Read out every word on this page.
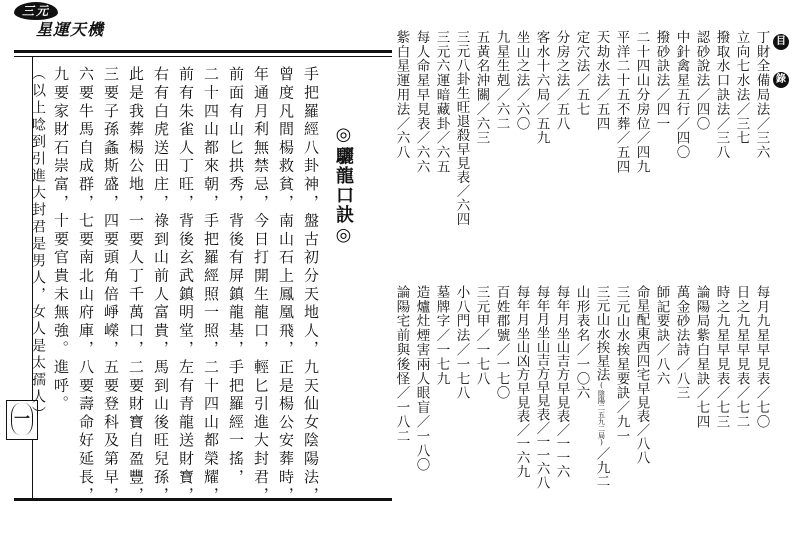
三元
星運天機
一
◎驪龍口訣◎
手把羅經八卦神，盤古初分天地人，九天仙女陰陽法，
曾度凡間楊救貧，南山石上鳳凰飛，正是楊公安葬時，
年通月利無禁忌，今日打開生龍口，輕匕引進大封君，
前面有山匕拱秀，背後有屏鎮龍基，手把羅經一搖，
二十四山都來朝，手把羅經照一照，二十四山都榮耀，
前有朱雀人丁旺，背後玄武鎮明堂，左有青龍送財寶，
右有白虎送田庄，祿到山前人富貴，馬到山後旺兒孫，
此是我葬楊公地，一要人丁千萬口，二要財寶自盈豐，
三要子孫螽斯盛，四要頭角倍崢嶸，五要登科及第早，
六要牛馬自成群，七要南北山府庫，八要壽命好延長，
九要家財石崇富，十要官貴未無強。進呼。
（以上唸到引進大封君是男人，女人是太孺人）
目
錄
丁財全備局法／三六
立向七水法／三七
撥取水口訣法／三八
認砂說法／四〇
中針禽星五行／四〇
撥砂訣法／四一
二十四山分房位／四九
平洋二十五不葬／五四
天劫水法／五四
定穴法／五七
分房之法／五八
客水十六局／五九
坐山之法／六〇
九星生剋／六二
五黃名沖關／六三
三元八卦生旺退殺早見表／六四
三元六運暗藏卦／六五
每人命星早見表／六六
紫白星運用法／六八
每月九星早見表／七〇
日之九星早見表／七二
時之九星早見表／七三
論陽局紫白星訣／七四
萬金砂法詩／八三
師記要訣／八六
命星配東西四宅早見表／八八
三元山水挨星要訣／九一
三元山水挨星法(陰陽二五九二局)／九二
山形表名／一〇六
每年月坐山吉方早見表／一一六
每年月坐山吉方早見表／一一六八
每年月坐山凶方早見表／一六九
百姓郡號／一七〇
三元甲／一七八
小八門法／一七八
墓牌字／一七九
造爐灶煙害兩人眼盲／一八〇
論陽宅前與後怪／一八二
